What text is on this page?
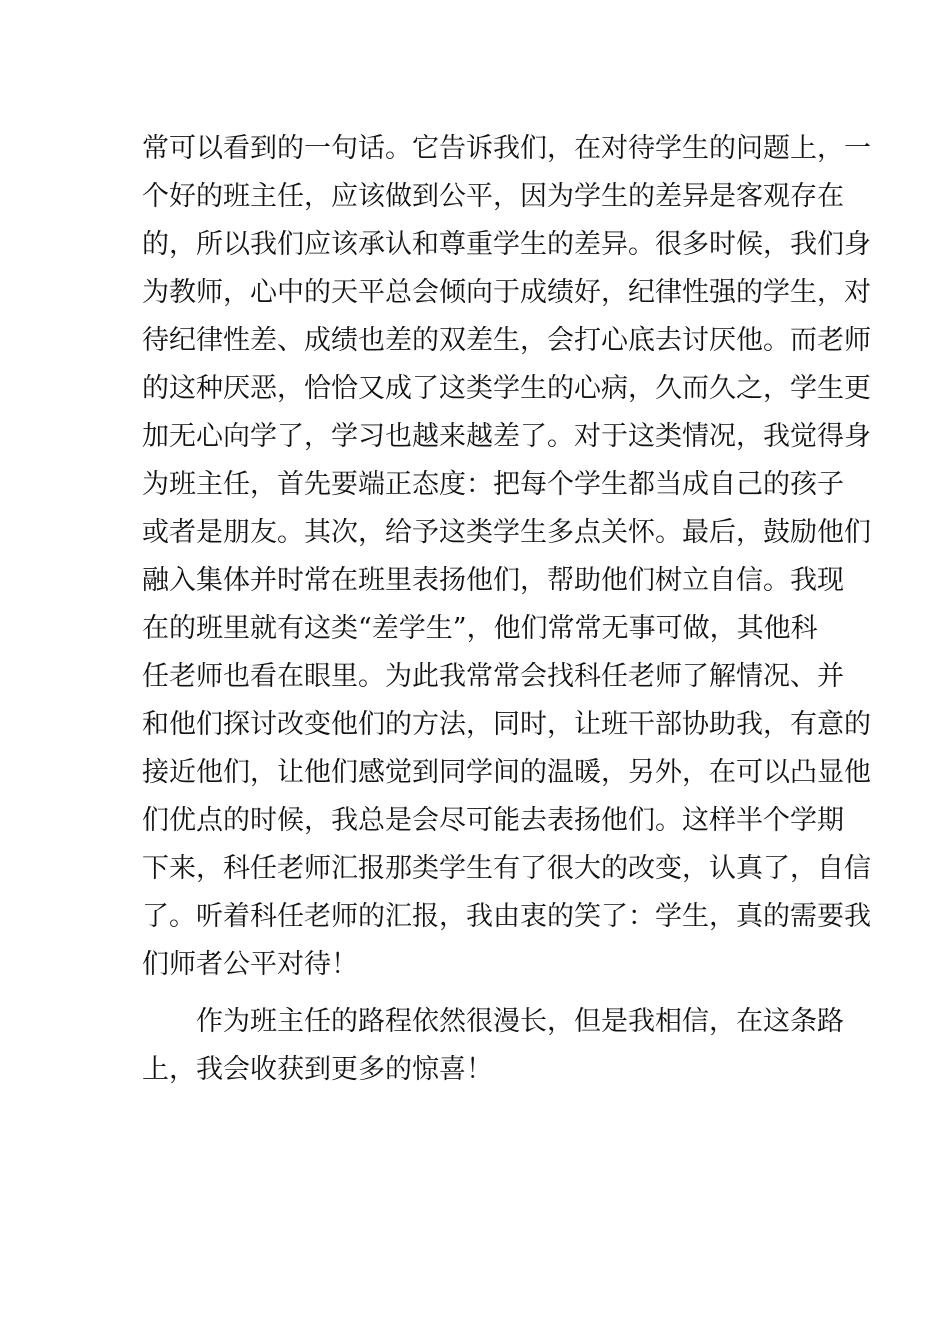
常可以看到的一句话。它告诉我们，在对待学生的问题上，一
个好的班主任，应该做到公平，因为学生的差异是客观存在
的，所以我们应该承认和尊重学生的差异。很多时候，我们身
为教师，心中的天平总会倾向于成绩好，纪律性强的学生，对
待纪律性差、成绩也差的双差生，会打心底去讨厌他。而老师
的这种厌恶，恰恰又成了这类学生的心病，久而久之，学生更
加无心向学了，学习也越来越差了。对于这类情况，我觉得身
为班主任，首先要端正态度：把每个学生都当成自己的孩子
或者是朋友。其次，给予这类学生多点关怀。最后，鼓励他们
融入集体并时常在班里表扬他们，帮助他们树立自信。我现
在的班里就有这类“差学生”，他们常常无事可做，其他科
任老师也看在眼里。为此我常常会找科任老师了解情况、并
和他们探讨改变他们的方法，同时，让班干部协助我，有意的
接近他们，让他们感觉到同学间的温暖，另外，在可以凸显他
们优点的时候，我总是会尽可能去表扬他们。这样半个学期
下来，科任老师汇报那类学生有了很大的改变，认真了，自信
了。听着科任老师的汇报，我由衷的笑了：学生，真的需要我
们师者公平对待！
作为班主任的路程依然很漫长，但是我相信，在这条路
上，我会收获到更多的惊喜！
